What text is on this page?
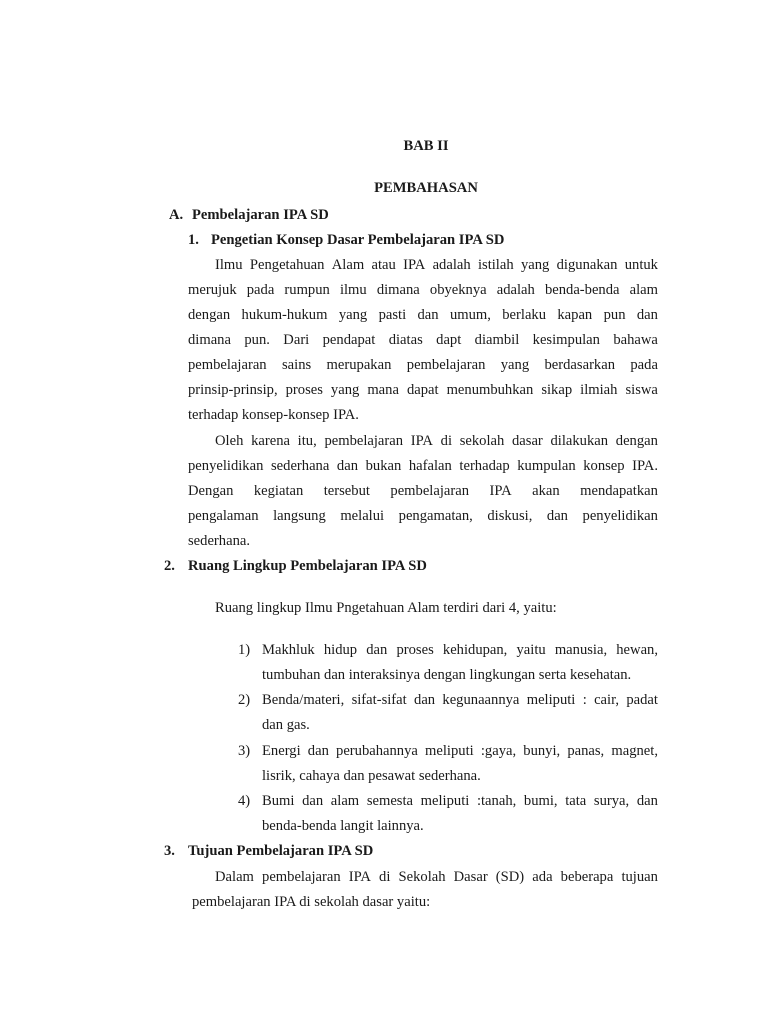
BAB II
PEMBAHASAN
A. Pembelajaran IPA SD
1. Pengetian Konsep Dasar Pembelajaran IPA SD
Ilmu Pengetahuan Alam atau IPA adalah istilah yang digunakan untuk
merujuk pada rumpun ilmu dimana obyeknya adalah benda-benda alam
dengan hukum-hukum yang pasti dan umum, berlaku kapan pun dan
dimana pun. Dari pendapat diatas dapt diambil kesimpulan bahawa
pembelajaran sains merupakan pembelajaran yang berdasarkan pada
prinsip-prinsip, proses yang mana dapat menumbuhkan sikap ilmiah siswa
terhadap konsep-konsep IPA.
Oleh karena itu, pembelajaran IPA di sekolah dasar dilakukan dengan
penyelidikan sederhana dan bukan hafalan terhadap kumpulan konsep IPA.
Dengan kegiatan tersebut pembelajaran IPA akan mendapatkan
pengalaman langsung melalui pengamatan, diskusi, dan penyelidikan
sederhana.
2. Ruang Lingkup Pembelajaran IPA SD
Ruang lingkup Ilmu Pngetahuan Alam terdiri dari 4, yaitu:
1) Makhluk hidup dan proses kehidupan, yaitu manusia, hewan,
tumbuhan dan interaksinya dengan lingkungan serta kesehatan.
2) Benda/materi, sifat-sifat dan kegunaannya meliputi : cair, padat
dan gas.
3) Energi dan perubahannya meliputi :gaya, bunyi, panas, magnet,
lisrik, cahaya dan pesawat sederhana.
4) Bumi dan alam semesta meliputi :tanah, bumi, tata surya, dan
benda-benda langit lainnya.
3. Tujuan Pembelajaran IPA SD
Dalam pembelajaran IPA di Sekolah Dasar (SD) ada beberapa tujuan
pembelajaran IPA di sekolah dasar yaitu:
